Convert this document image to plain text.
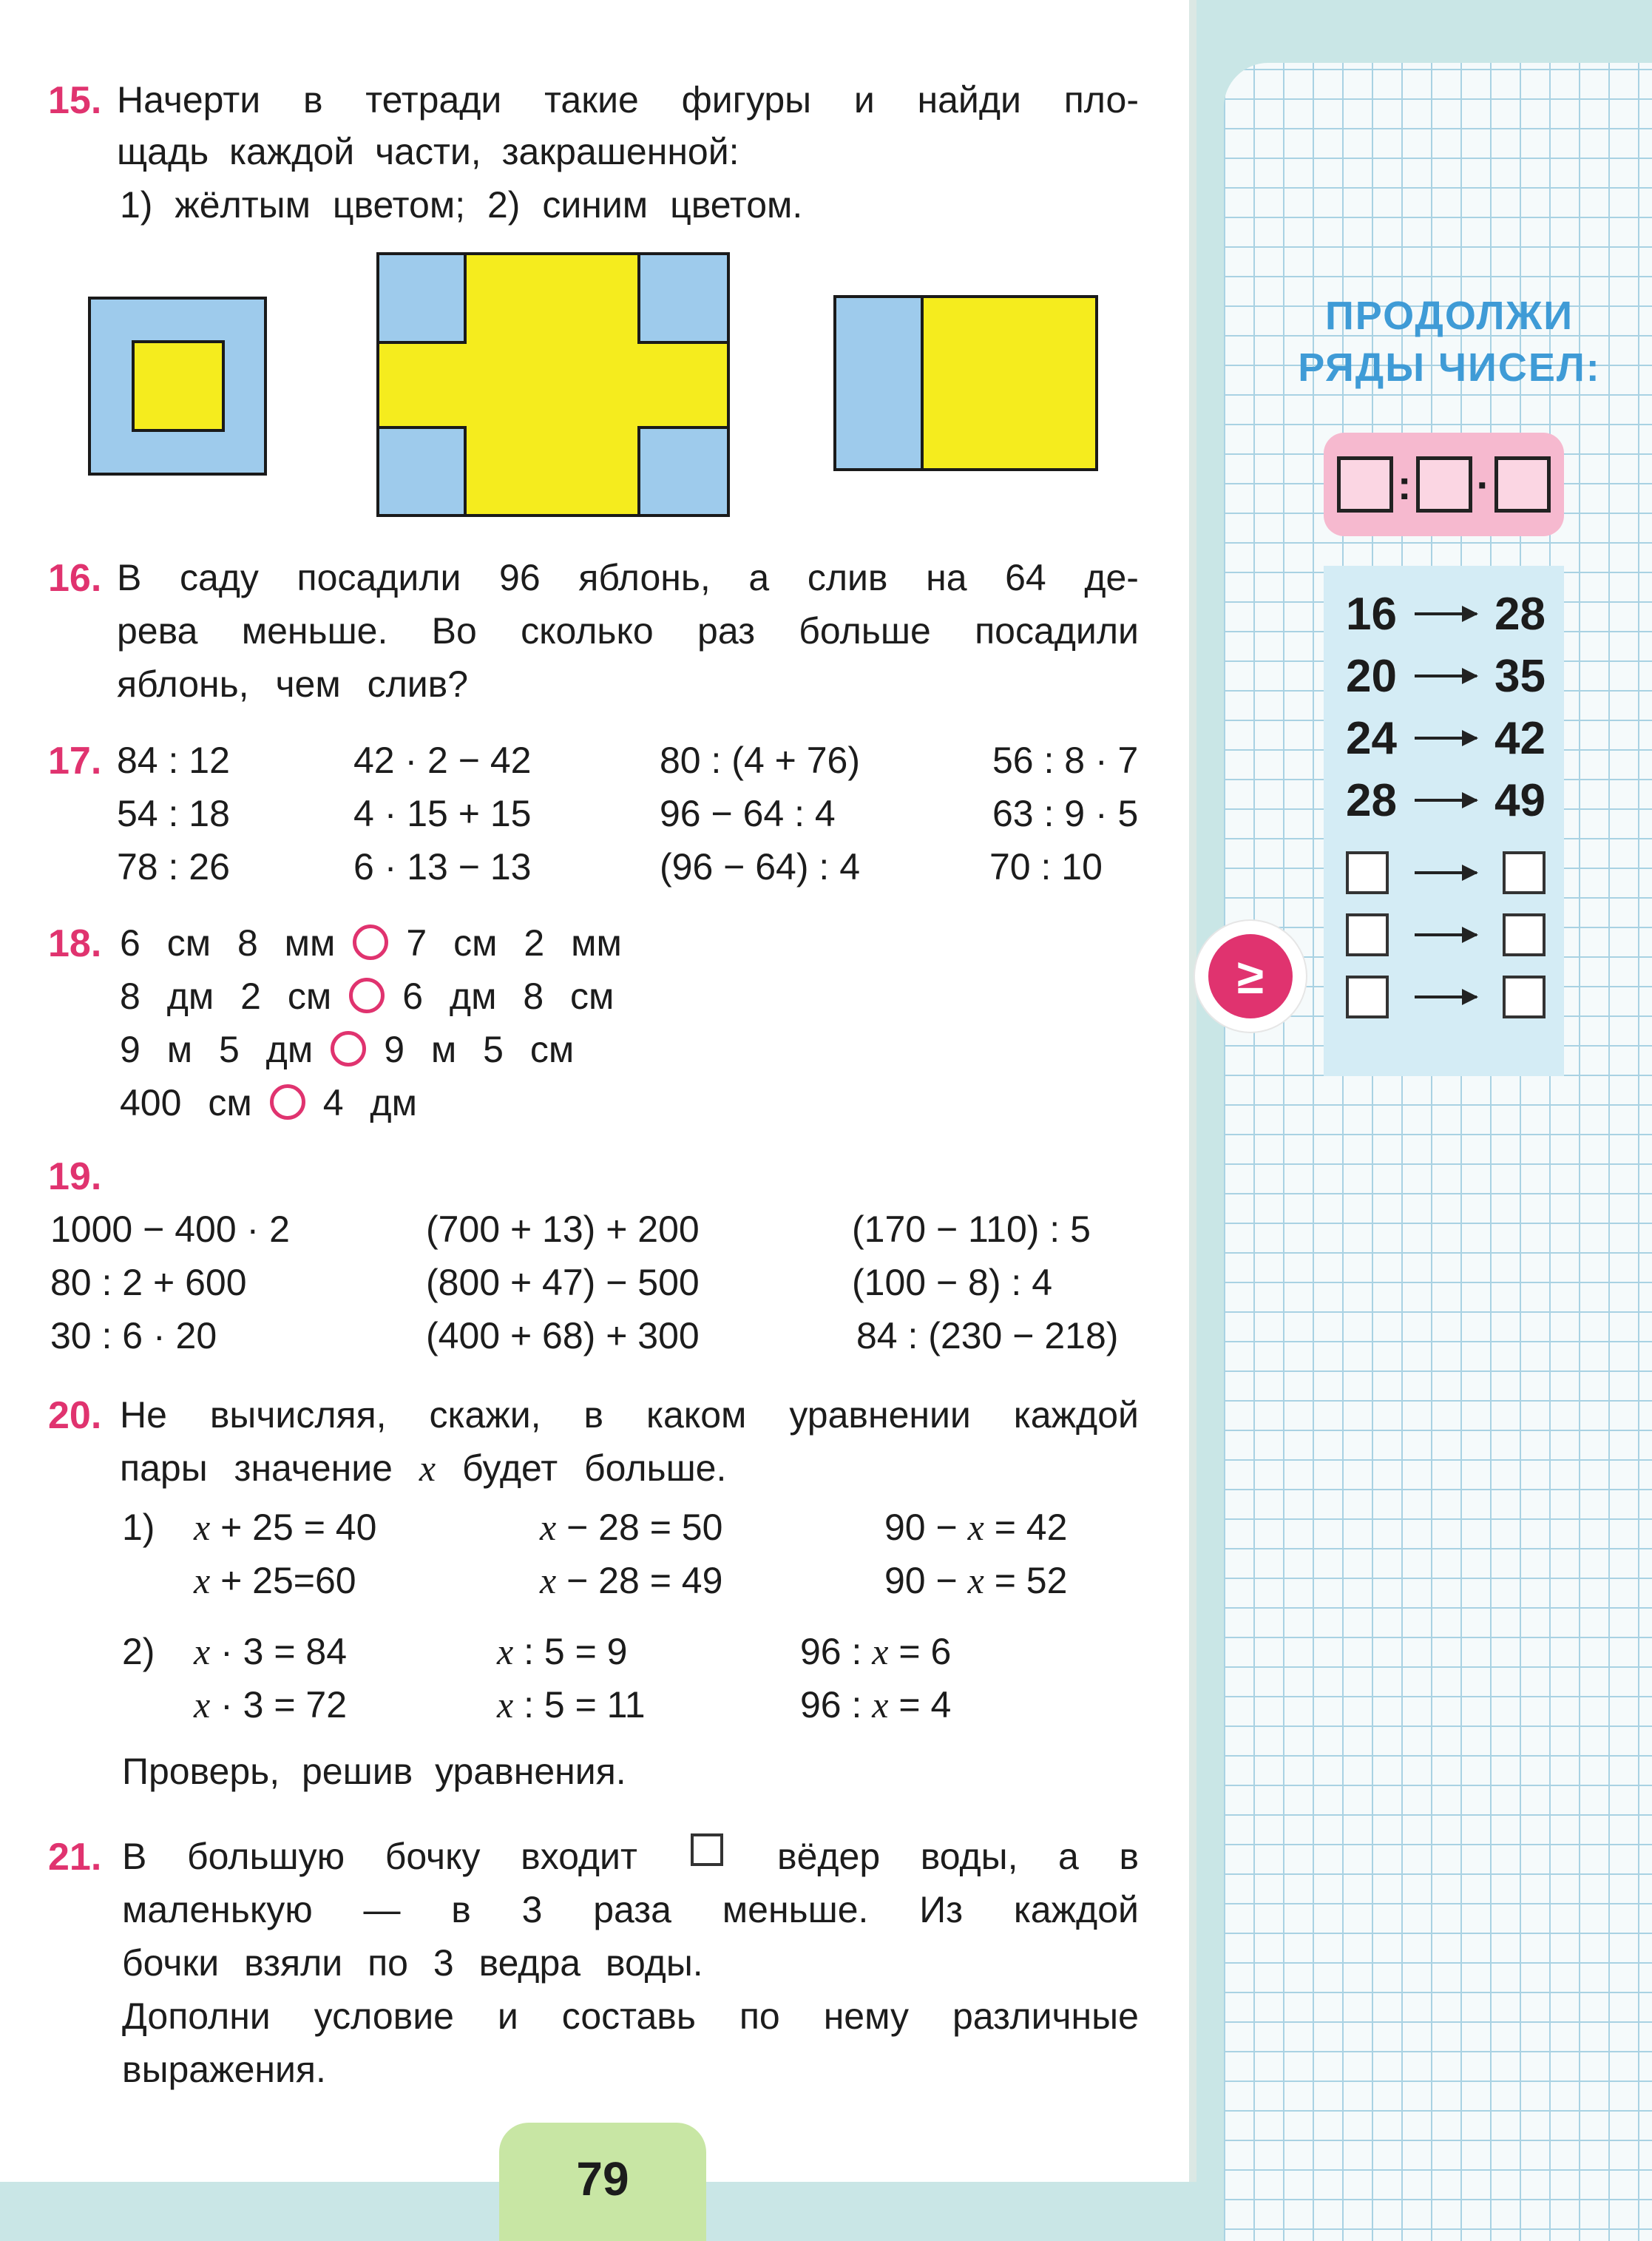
15. Начерти в тетради такие фигуры и найди пло-
щадь каждой части, закрашенной:
1) жёлтым цветом; 2) синим цветом.
16. В саду посадили 96 яблонь, а слив на 64 де-
рева меньше. Во сколько раз больше посадили
яблонь, чем слив?
17. 84 : 12
54 : 18
78 : 26
42 · 2 − 42
4 · 15 + 15
6 · 13 − 13
80 : (4 + 76)
96 − 64 : 4
(96 − 64) : 4
56 : 8 · 7
63 : 9 · 5
70 : 10
18. 6 см 8 мм 7 см 2 мм
8 дм 2 см 6 дм 8 см
9 м 5 дм 9 м 5 см
400 см 4 дм
19.
1000 − 400 · 2
80 : 2 + 600
30 : 6 · 20
(700 + 13) + 200
(800 + 47) − 500
(400 + 68) + 300
(170 − 110) : 5
(100 − 8) : 4
84 : (230 − 218)
20. Не вычисляя, скажи, в каком уравнении каждой
пары значение x будет больше.
1) x + 25 = 40
x + 25=60
x − 28 = 50
x − 28 = 49
90 − x = 42
90 − x = 52
2) x · 3 = 84
x · 3 = 72
x : 5 = 9
x : 5 = 11
96 : x = 6
96 : x = 4
Проверь, решив уравнения.
21. В большую бочку входит	вёдер воды, а в
маленькую — в 3 раза меньше. Из каждой
бочки взяли по 3 ведра воды.
Дополни условие и составь по нему различные
выражения.
79
ПРОДОЛЖИ
РЯДЫ ЧИСЕЛ:
: ·
16 28
20 35
24 42
28 49
≥
